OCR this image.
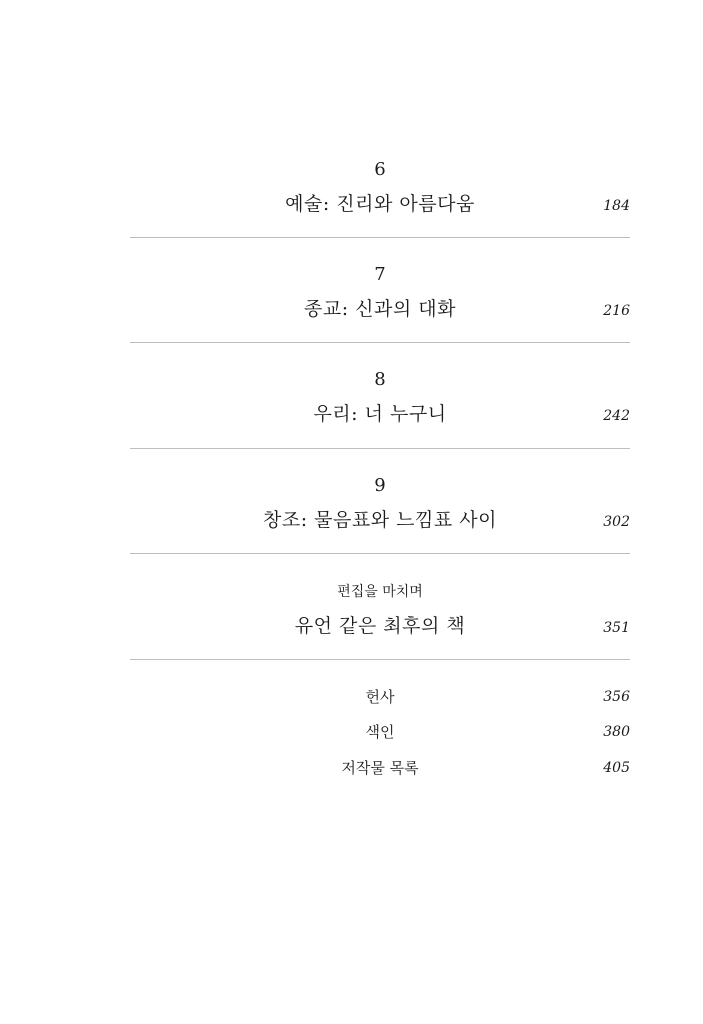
6
예술: 진리와 아름다움	184
7
종교: 신과의 대화	216
8
우리: 너 누구니	242
9
창조: 물음표와 느낌표 사이	302
편집을 마치며
유언 같은 최후의 책	351
헌사	356
색인	380
저작물 목록	405
